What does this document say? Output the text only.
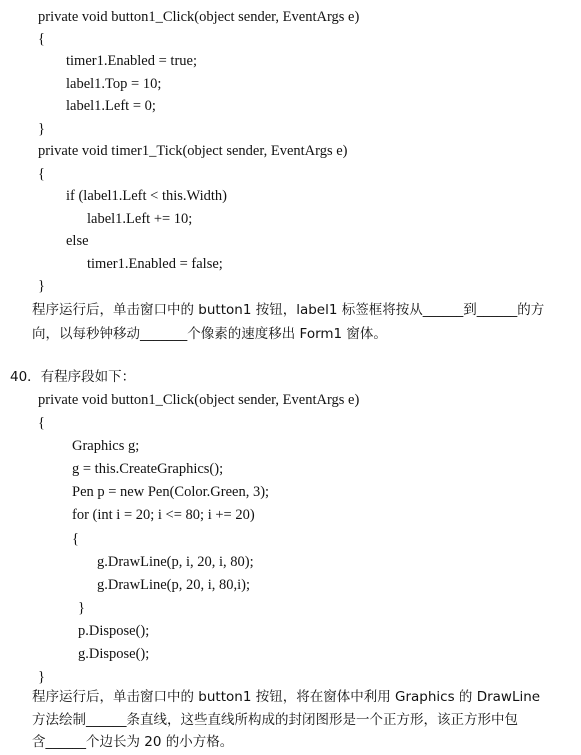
private void button1_Click(object sender, EventArgs e)
{
timer1.Enabled = true;
label1.Top = 10;
label1.Left = 0;
}
private void timer1_Tick(object sender, EventArgs e)
{
if (label1.Left < this.Width)
label1.Left += 10;
else
timer1.Enabled = false;
}
程序运行后，单击窗口中的 button1 按钮，label1 标签框将按从______到______的方
向，以每秒钟移动_______个像素的速度移出 Form1 窗体。
40．有程序段如下：
private void button1_Click(object sender, EventArgs e)
{
Graphics g;
g = this.CreateGraphics();
Pen p = new Pen(Color.Green, 3);
for (int i = 20; i <= 80; i += 20)
{
g.DrawLine(p, i, 20, i, 80);
g.DrawLine(p, 20, i, 80,i);
}
p.Dispose();
g.Dispose();
}
程序运行后，单击窗口中的 button1 按钮，将在窗体中利用 Graphics 的 DrawLine
方法绘制______条直线，这些直线所构成的封闭图形是一个正方形，该正方形中包
含______个边长为 20 的小方格。
